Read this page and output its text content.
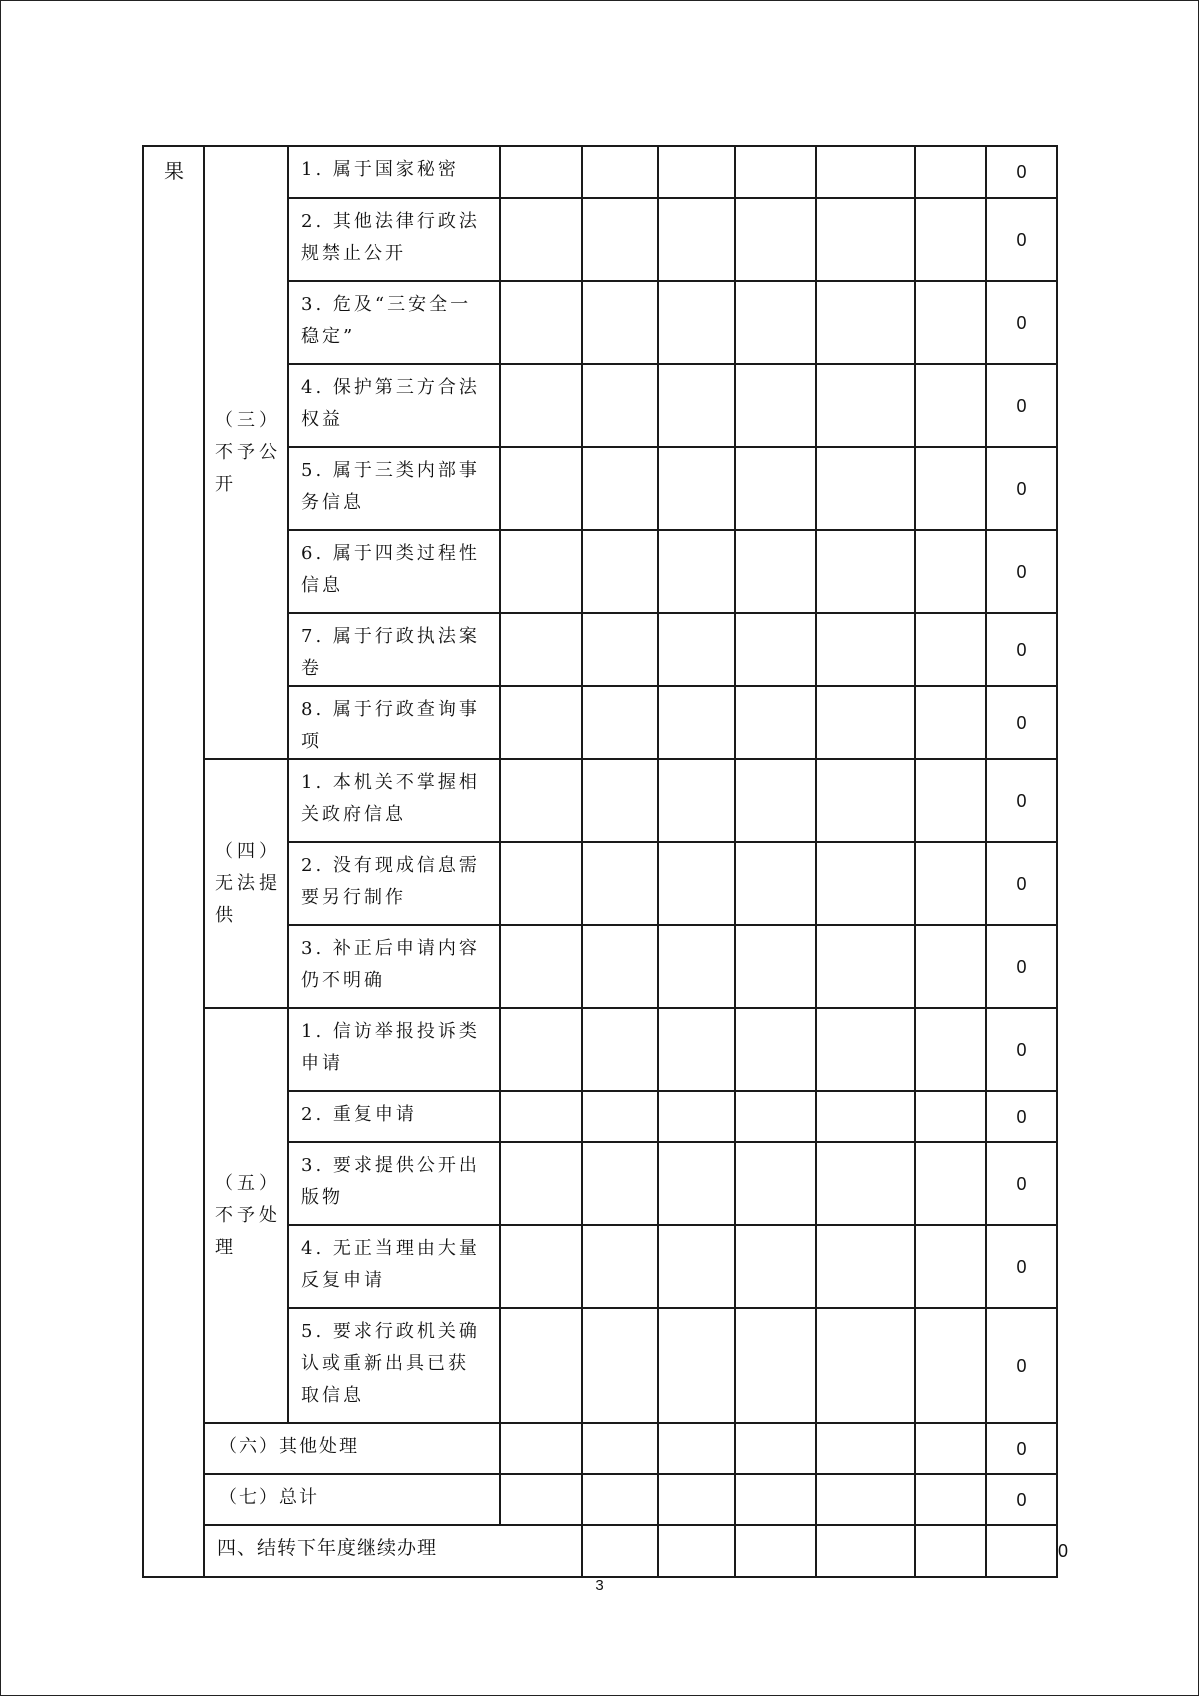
果	（三）不予公开	1. 属于国家秘密							0	

		2. 其他法律行政法规禁止公开							0	

		3. 危及“三安全一稳定”							0	

		4. 保护第三方合法权益							0	

		5. 属于三类内部事务信息							0	

		6. 属于四类过程性信息							0	

		7. 属于行政执法案卷							0	

		8. 属于行政查询事项							0	

	（四）无法提供	1. 本机关不掌握相关政府信息							0	

		2. 没有现成信息需要另行制作							0	

		3. 补正后申请内容仍不明确							0	

	（五）不予处理	1. 信访举报投诉类申请							0	

		2. 重复申请							0	

		3. 要求提供公开出版物							0	

		4. 无正当理由大量反复申请							0	

		5. 要求行政机关确认或重新出具已获取信息							0	

	（六）其他处理								0	

	（七）总计								0	

	四、结转下年度继续办理									0
3
